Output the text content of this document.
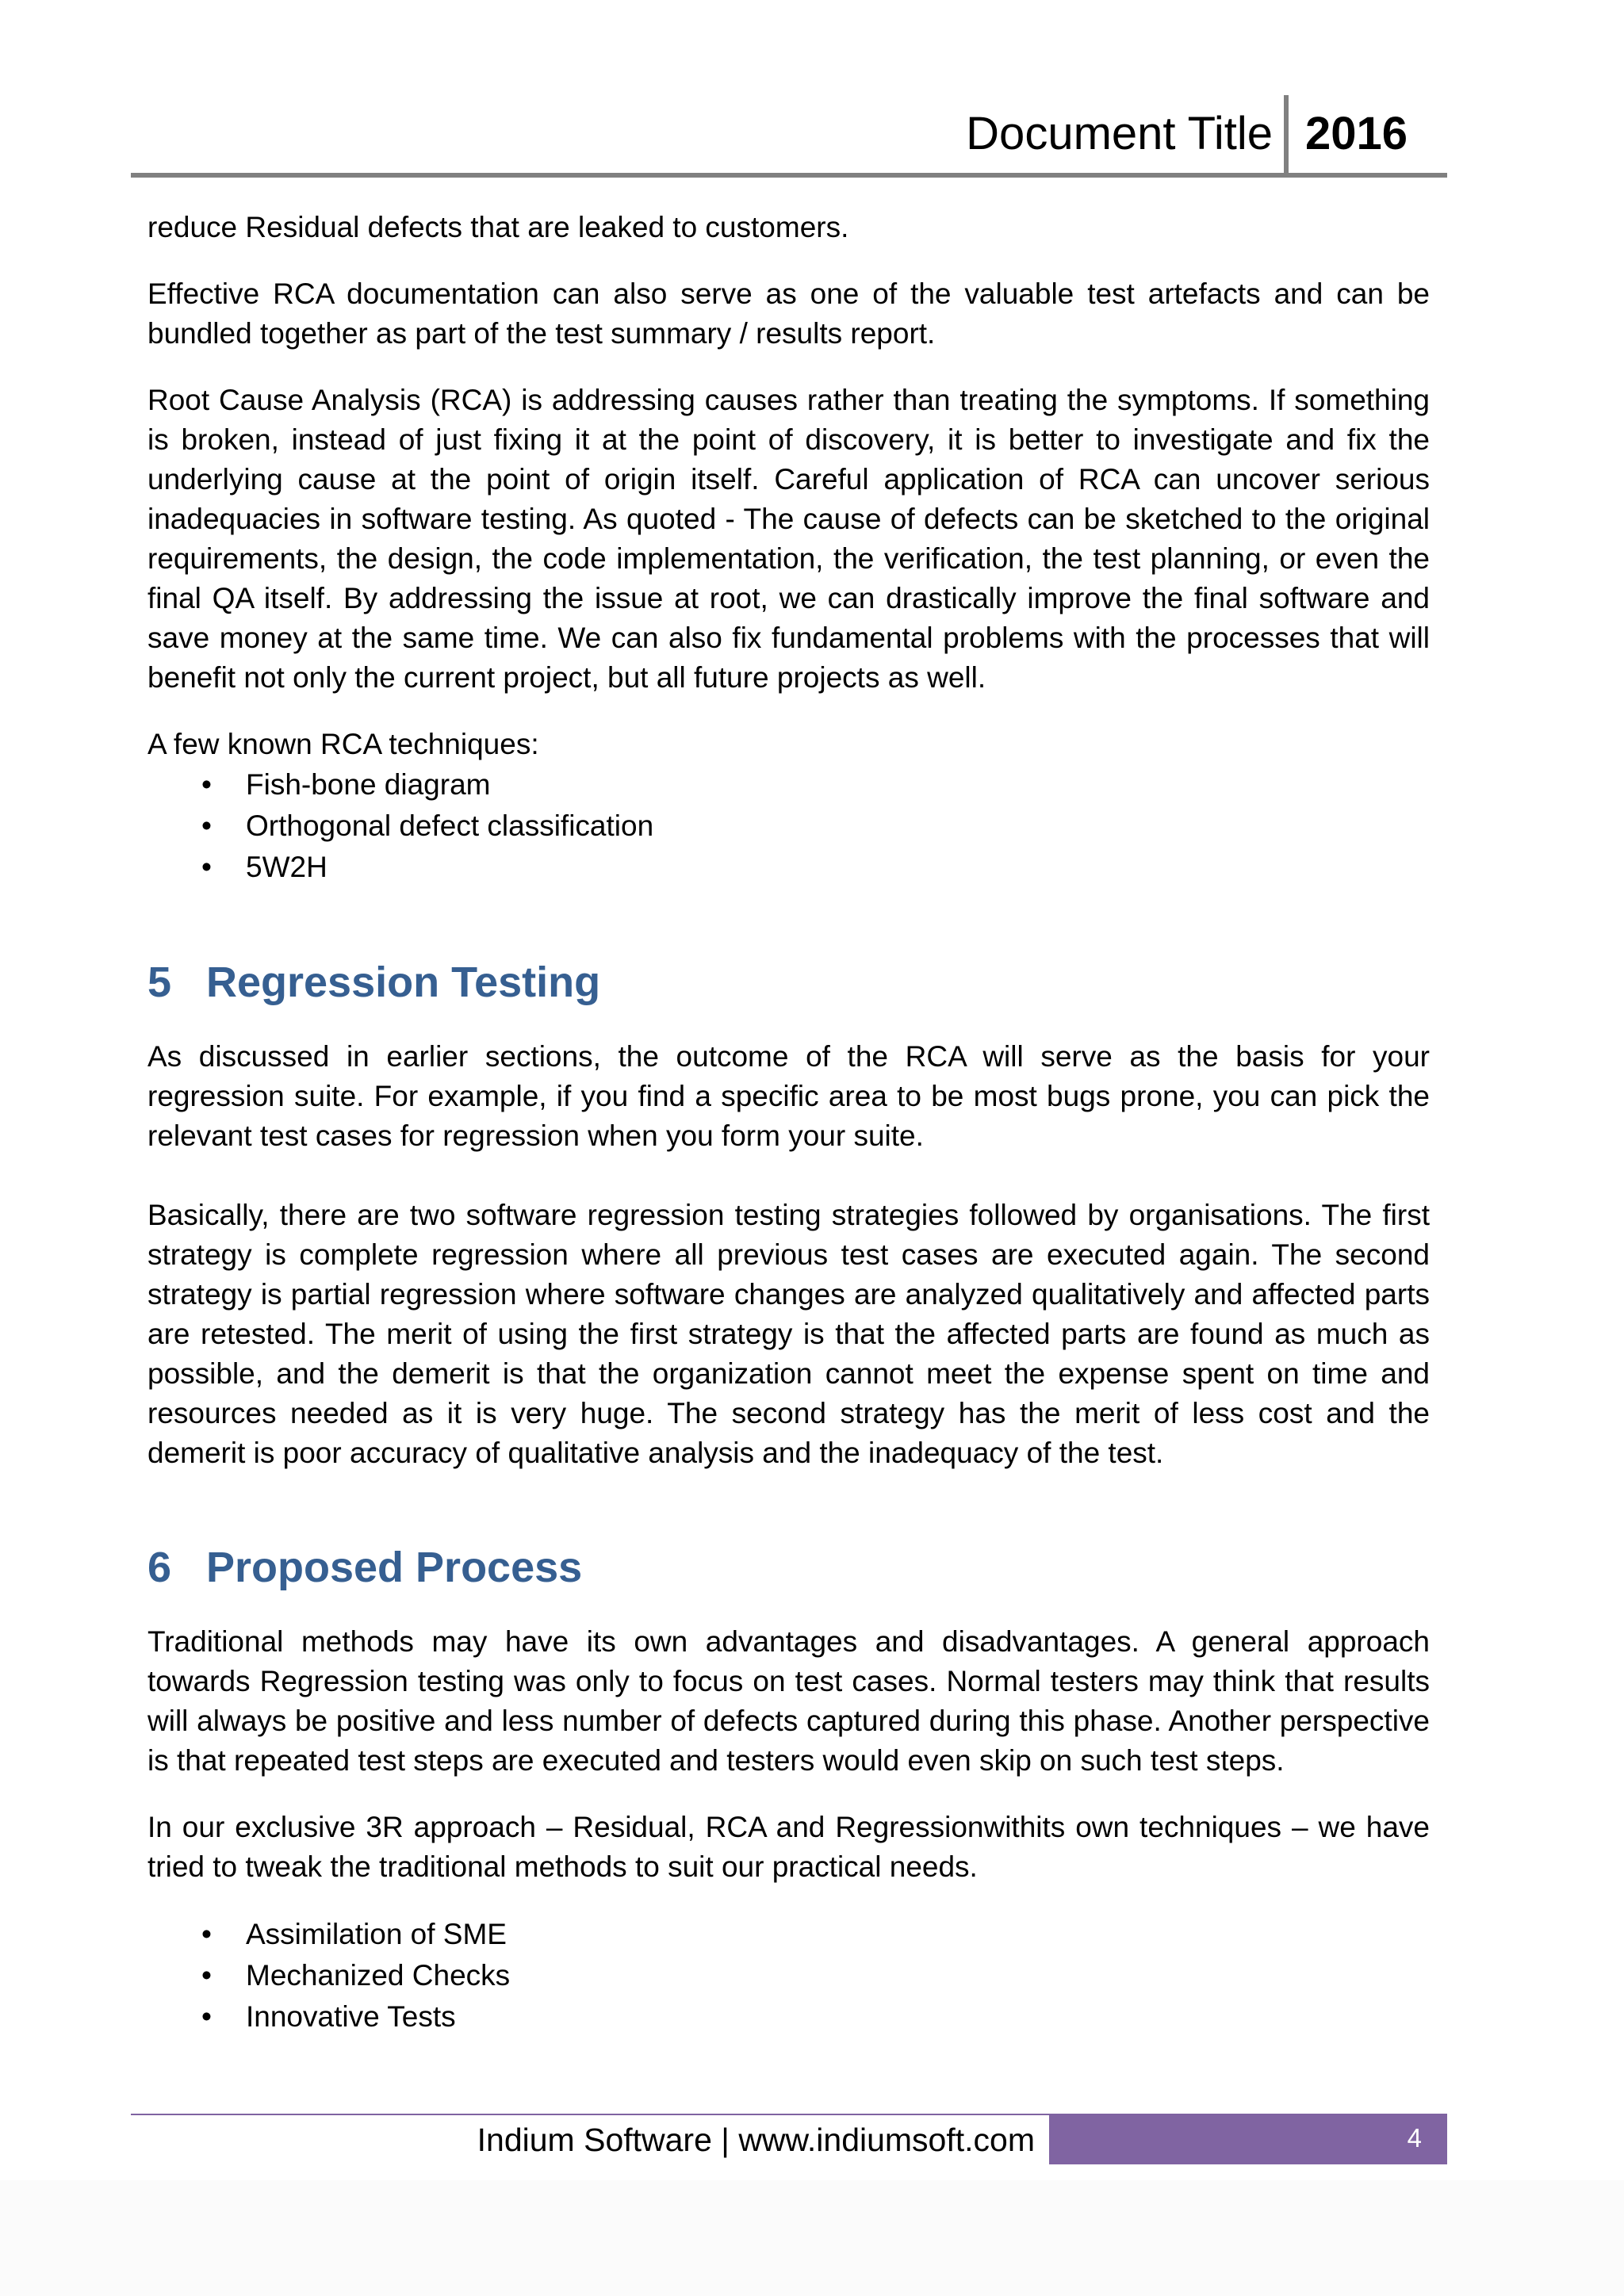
Document Title 2016

reduce Residual defects that are leaked to customers.

Effective RCA documentation can also serve as one of the valuable test artefacts and can be bundled together as part of the test summary / results report.

Root Cause Analysis (RCA) is addressing causes rather than treating the symptoms. If something is broken, instead of just fixing it at the point of discovery, it is better to investigate and fix the underlying cause at the point of origin itself. Careful application of RCA can uncover serious inadequacies in software testing. As quoted - The cause of defects can be sketched to the original requirements, the design, the code implementation, the verification, the test planning, or even the final QA itself. By addressing the issue at root, we can drastically improve the final software and save money at the same time. We can also fix fundamental problems with the processes that will benefit not only the current project, but all future projects as well.

A few known RCA techniques:

• Fish-bone diagram
• Orthogonal defect classification
• 5W2H
5 Regression Testing

As discussed in earlier sections, the outcome of the RCA will serve as the basis for your regression suite. For example, if you find a specific area to be most bugs prone, you can pick the relevant test cases for regression when you form your suite.

Basically, there are two software regression testing strategies followed by organisations. The first strategy is complete regression where all previous test cases are executed again. The second strategy is partial regression where software changes are analyzed qualitatively and affected parts are retested. The merit of using the first strategy is that the affected parts are found as much as possible, and the demerit is that the organization cannot meet the expense spent on time and resources needed as it is very huge. The second strategy has the merit of less cost and the demerit is poor accuracy of qualitative analysis and the inadequacy of the test.

6 Proposed Process

Traditional methods may have its own advantages and disadvantages. A general approach towards Regression testing was only to focus on test cases. Normal testers may think that results will always be positive and less number of defects captured during this phase. Another perspective is that repeated test steps are executed and testers would even skip on such test steps.

In our exclusive 3R approach – Residual, RCA and Regressionwithits own techniques – we have tried to tweak the traditional methods to suit our practical needs.

• Assimilation of SME
• Mechanized Checks
• Innovative Tests
Indium Software | www.indiumsoft.com	4
